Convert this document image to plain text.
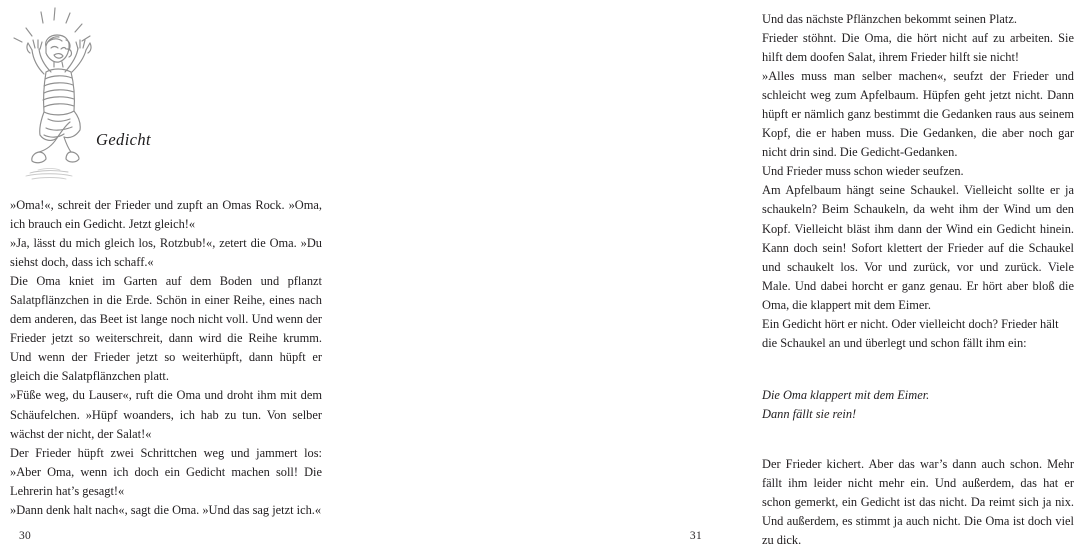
Gedicht

»Oma!«, schreit der Frieder und zupft an Omas Rock. »Oma, ich brauch ein Gedicht. Jetzt gleich!«

»Ja, lässt du mich gleich los, Rotzbub!«, zetert die Oma. »Du siehst doch, dass ich schaff.«

Die Oma kniet im Garten auf dem Boden und pflanzt Salatpflänzchen in die Erde. Schön in einer Reihe, eines nach dem anderen, das Beet ist lange noch nicht voll. Und wenn der Frieder jetzt so weiterschreit, dann wird die Reihe krumm. Und wenn der Frieder jetzt so weiterhüpft, dann hüpft er gleich die Salatpflänzchen platt.

»Füße weg, du Lauser«, ruft die Oma und droht ihm mit dem Schäufelchen. »Hüpf woanders, ich hab zu tun. Von selber wächst der nicht, der Salat!«

Der Frieder hüpft zwei Schrittchen weg und jammert los: »Aber Oma, wenn ich doch ein Gedicht machen soll! Die Lehrerin hat’s gesagt!«

»Dann denk halt nach«, sagt die Oma. »Und das sag jetzt ich.«

30

Und das nächste Pflänzchen bekommt seinen Platz.

Frieder stöhnt. Die Oma, die hört nicht auf zu arbeiten. Sie hilft dem doofen Salat, ihrem Frieder hilft sie nicht!

»Alles muss man selber machen«, seufzt der Frieder und schleicht weg zum Apfelbaum. Hüpfen geht jetzt nicht. Dann hüpft er nämlich ganz bestimmt die Gedanken raus aus seinem Kopf, die er haben muss. Die Gedanken, die aber noch gar nicht drin sind. Die Gedicht-Gedanken.

Und Frieder muss schon wieder seufzen.

Am Apfelbaum hängt seine Schaukel. Vielleicht sollte er ja schaukeln? Beim Schaukeln, da weht ihm der Wind um den Kopf. Vielleicht bläst ihm dann der Wind ein Gedicht hinein. Kann doch sein! Sofort klettert der Frieder auf die Schaukel und schaukelt los. Vor und zurück, vor und zurück. Viele Male. Und dabei horcht er ganz genau. Er hört aber bloß die Oma, die klappert mit dem Eimer.

Ein Gedicht hört er nicht. Oder vielleicht doch? Frieder hält die Schaukel an und überlegt und schon fällt ihm ein:

Die Oma klappert mit dem Eimer.
Dann fällt sie rein!

Der Frieder kichert. Aber das war’s dann auch schon. Mehr fällt ihm leider nicht mehr ein. Und außerdem, das hat er schon gemerkt, ein Gedicht ist das nicht. Da reimt sich ja nix. Und außerdem, es stimmt ja auch nicht. Die Oma ist doch viel zu dick.

31
